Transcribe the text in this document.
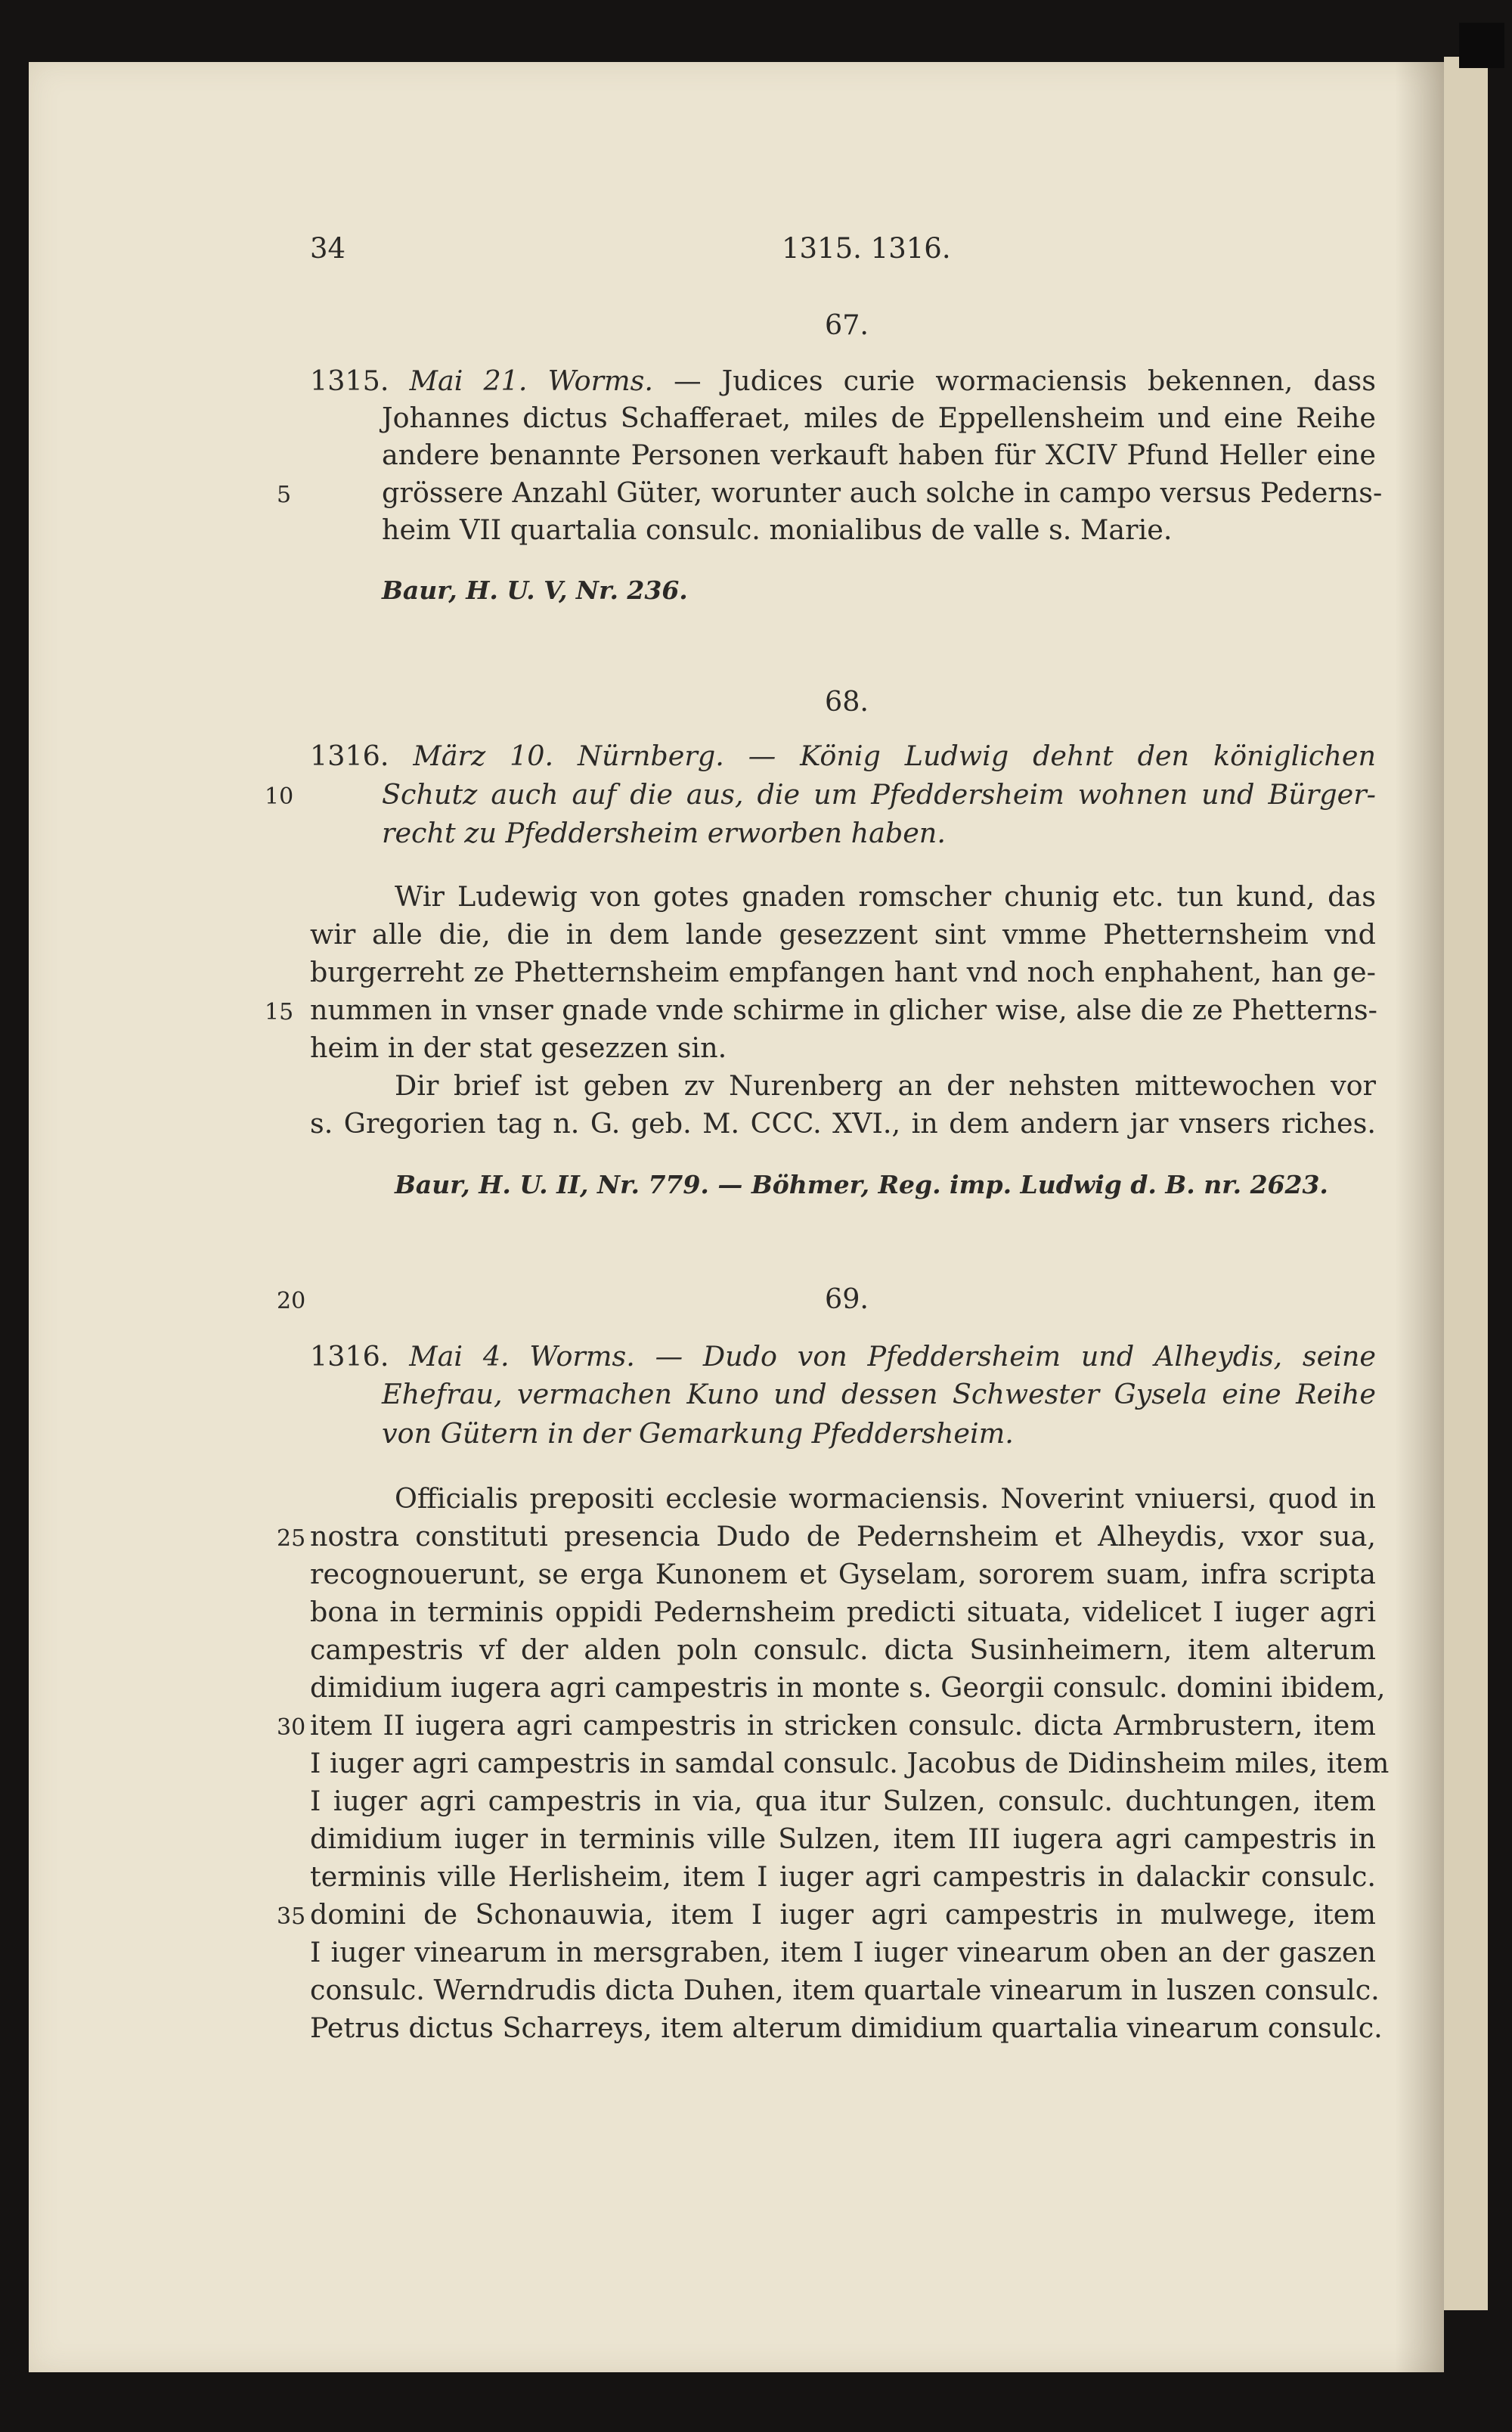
34	1315. 1316.
67.
1315. Mai 21. Worms. — Judices curie wormaciensis bekennen, dass
Johannes dictus Schafferaet, miles de Eppellensheim und eine Reihe
andere benannte Personen verkauft haben für XCIV Pfund Heller eine
grössere Anzahl Güter, worunter auch solche in campo versus Pederns-
heim VII quartalia consulc. monialibus de valle s. Marie.
Baur, H. U. V, Nr. 236.
68.
1316. März 10. Nürnberg. — König Ludwig dehnt den königlichen
Schutz auch auf die aus, die um Pfeddersheim wohnen und Bürger-
recht zu Pfeddersheim erworben haben.
Wir Ludewig von gotes gnaden romscher chunig etc. tun kund, das
wir alle die, die in dem lande gesezzent sint vmme Phetternsheim vnd
burgerreht ze Phetternsheim empfangen hant vnd noch enphahent, han ge-
nummen in vnser gnade vnde schirme in glicher wise, alse die ze Phetterns-
heim in der stat gesezzen sin.
Dir brief ist geben zv Nurenberg an der nehsten mittewochen vor
s. Gregorien tag n. G. geb. M. CCC. XVI., in dem andern jar vnsers riches.
Baur, H. U. II, Nr. 779. — Böhmer, Reg. imp. Ludwig d. B. nr. 2623.
69.
1316. Mai 4. Worms. — Dudo von Pfeddersheim und Alheydis, seine
Ehefrau, vermachen Kuno und dessen Schwester Gysela eine Reihe
von Gütern in der Gemarkung Pfeddersheim.
Officialis prepositi ecclesie wormaciensis. Noverint vniuersi, quod in
nostra constituti presencia Dudo de Pedernsheim et Alheydis, vxor sua,
recognouerunt, se erga Kunonem et Gyselam, sororem suam, infra scripta
bona in terminis oppidi Pedernsheim predicti situata, videlicet I iuger agri
campestris vf der alden poln consulc. dicta Susinheimern, item alterum
dimidium iugera agri campestris in monte s. Georgii consulc. domini ibidem,
item II iugera agri campestris in stricken consulc. dicta Armbrustern, item
I iuger agri campestris in samdal consulc. Jacobus de Didinsheim miles, item
I iuger agri campestris in via, qua itur Sulzen, consulc. duchtungen, item
dimidium iuger in terminis ville Sulzen, item III iugera agri campestris in
terminis ville Herlisheim, item I iuger agri campestris in dalackir consulc.
domini de Schonauwia, item I iuger agri campestris in mulwege, item
I iuger vinearum in mersgraben, item I iuger vinearum oben an der gaszen
consulc. Werndrudis dicta Duhen, item quartale vinearum in luszen consulc.
Petrus dictus Scharreys, item alterum dimidium quartalia vinearum consulc.
5
10
15
20
25
30
35
